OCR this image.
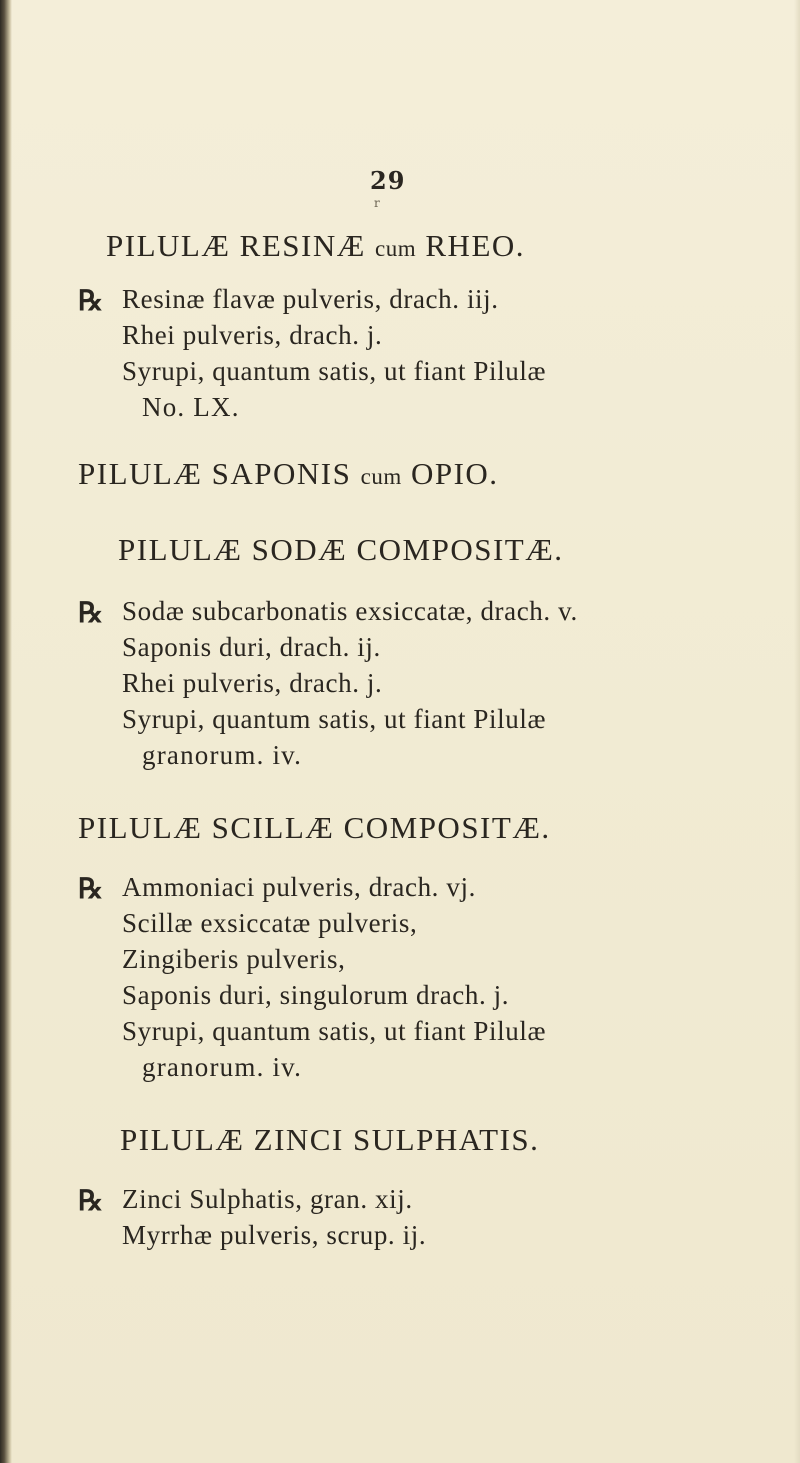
29
r
PILULÆ RESINÆ cum RHEO.
℞ Resinæ flavæ pulveris, drach. iij.
Rhei pulveris, drach. j.
Syrupi, quantum satis, ut fiant Pilulæ
No. LX.
PILULÆ SAPONIS cum OPIO.
PILULÆ SODÆ COMPOSITÆ.
℞ Sodæ subcarbonatis exsiccatæ, drach. v.
Saponis duri, drach. ij.
Rhei pulveris, drach. j.
Syrupi, quantum satis, ut fiant Pilulæ
granorum. iv.
PILULÆ SCILLÆ COMPOSITÆ.
℞ Ammoniaci pulveris, drach. vj.
Scillæ exsiccatæ pulveris,
Zingiberis pulveris,
Saponis duri, singulorum drach. j.
Syrupi, quantum satis, ut fiant Pilulæ
granorum. iv.
PILULÆ ZINCI SULPHATIS.
℞ Zinci Sulphatis, gran. xij.
Myrrhæ pulveris, scrup. ij.
